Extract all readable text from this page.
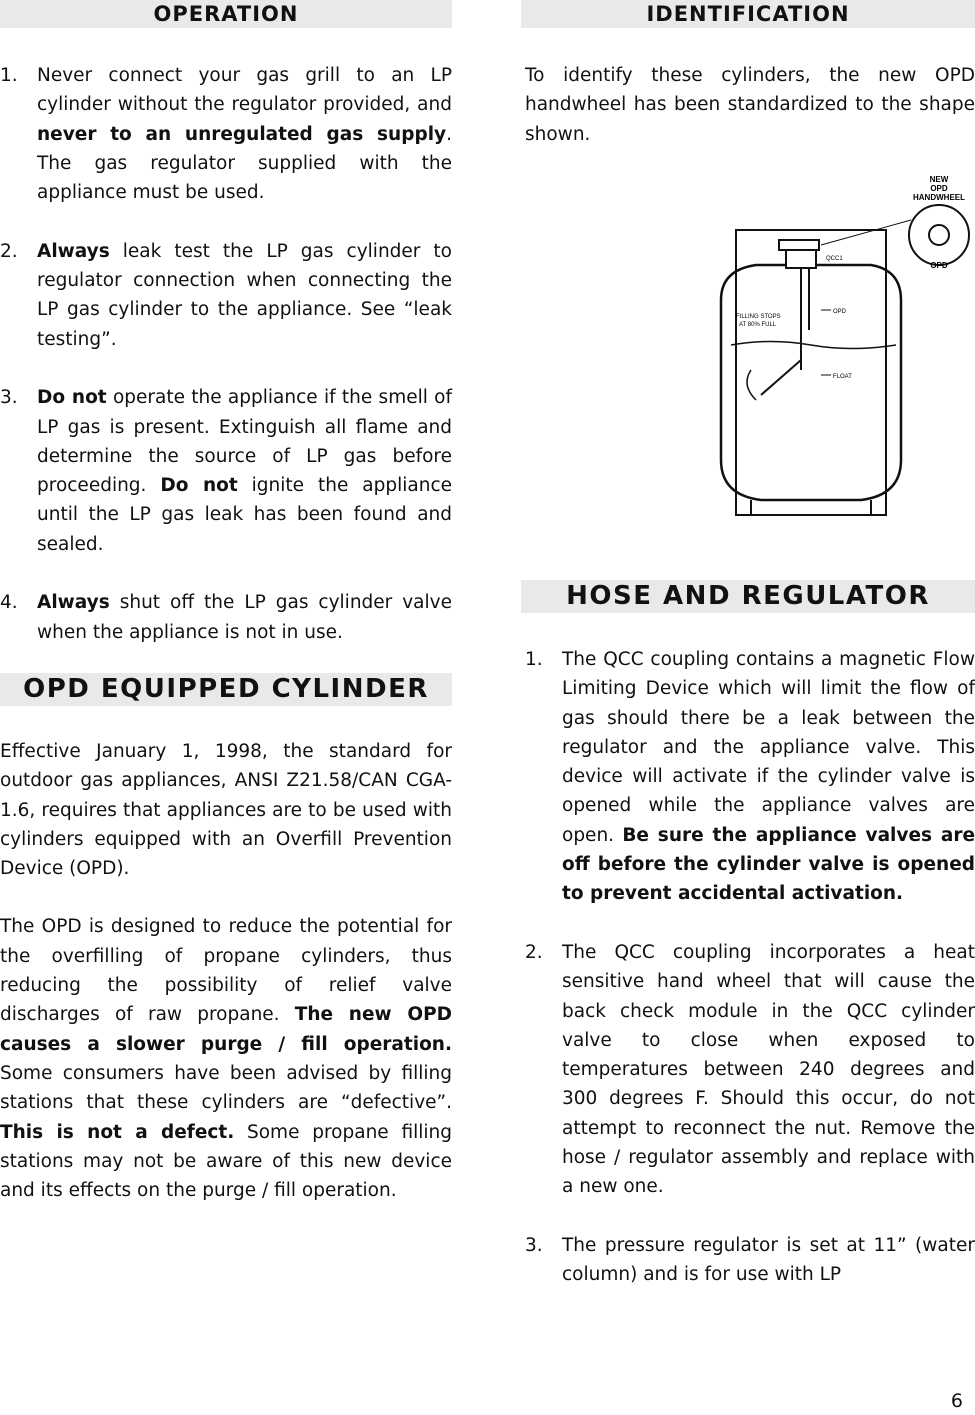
OPERATION
1. Never connect your gas grill to an LP cylinder without the regulator provided, and never to an unregulated gas supply. The gas regulator supplied with the appliance must be used.
2. Always leak test the LP gas cylinder to regulator connection when connecting the LP gas cylinder to the appliance. See “leak testing”.
3. Do not operate the appliance if the smell of LP gas is present. Extinguish all flame and determine the source of LP gas before proceeding. Do not ignite the appliance until the LP gas leak has been found and sealed.
4. Always shut off the LP gas cylinder valve when the appliance is not in use.
OPD EQUIPPED CYLINDER

Effective January 1, 1998, the standard for outdoor gas appliances, ANSI Z21.58/CAN CGA-1.6, requires that appliances are to be used with cylinders equipped with an Overfill Prevention Device (OPD).

The OPD is designed to reduce the potential for the overfilling of propane cylinders, thus reducing the possibility of relief valve discharges of raw propane. The new OPD causes a slower purge / fill operation. Some consumers have been advised by filling stations that these cylinders are “defective”. This is not a defect. Some propane filling stations may not be aware of this new device and its effects on the purge / fill operation.

IDENTIFICATION

To identify these cylinders, the new OPD handwheel has been standardized to the shape shown.

NEW
OPD
HANDWHEEL
QCC1
OPD
FILLING STOPS
AT 80% FULL
FLOAT
OPD
HOSE AND REGULATOR
1. The QCC coupling contains a magnetic Flow Limiting Device which will limit the flow of gas should there be a leak between the regulator and the appliance valve. This device will activate if the cylinder valve is opened while the appliance valves are open. Be sure the appliance valves are off before the cylinder valve is opened to prevent accidental activation.
2. The QCC coupling incorporates a heat sensitive hand wheel that will cause the back check module in the QCC cylinder valve to close when exposed to temperatures between 240 degrees and 300 degrees F. Should this occur, do not attempt to reconnect the nut. Remove the hose / regulator assembly and replace with a new one.
3. The pressure regulator is set at 11” (water column) and is for use with LP
6
